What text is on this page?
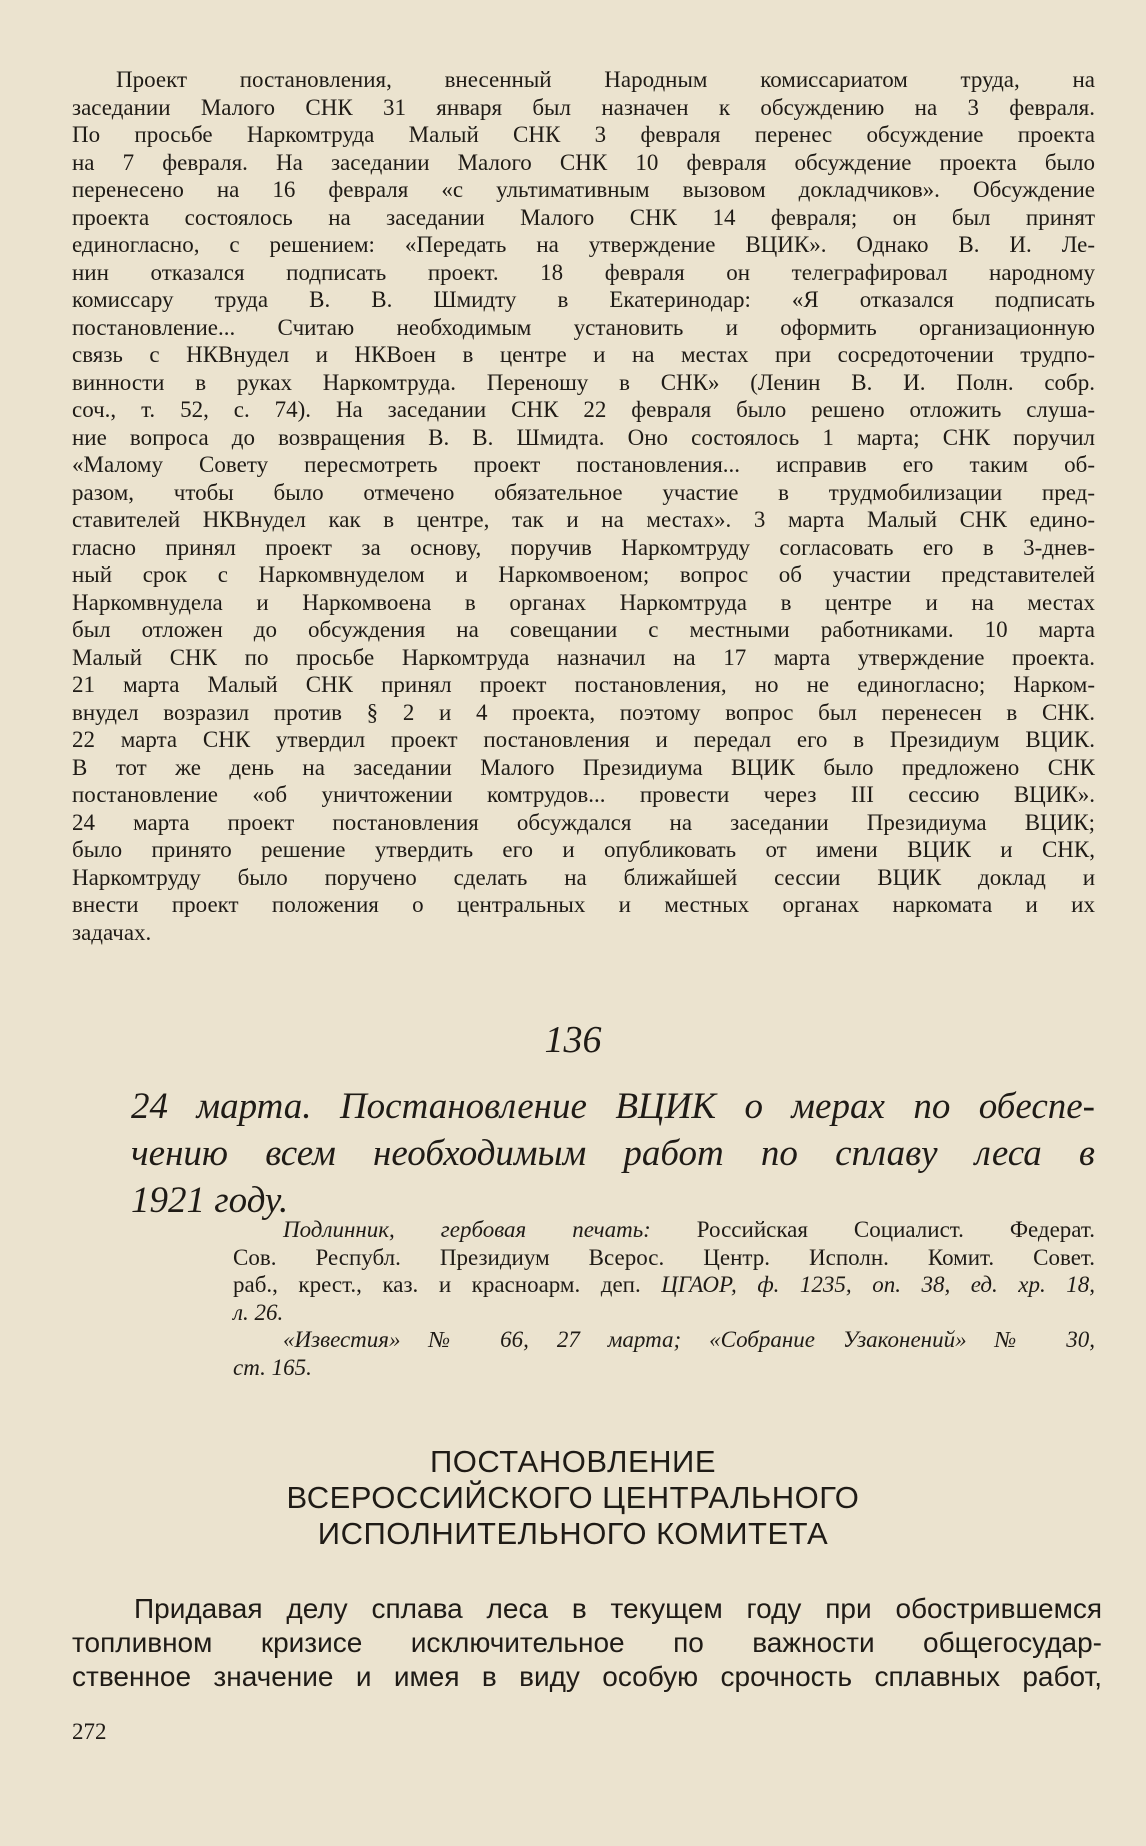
Проект постановления, внесенный Народным комиссариатом труда, на
заседании Малого СНК 31 января был назначен к обсуждению на 3 февраля.
По просьбе Наркомтруда Малый СНК 3 февраля перенес обсуждение проекта
на 7 февраля. На заседании Малого СНК 10 февраля обсуждение проекта было
перенесено на 16 февраля «с ультимативным вызовом докладчиков». Обсуждение
проекта состоялось на заседании Малого СНК 14 февраля; он был принят
единогласно, с решением: «Передать на утверждение ВЦИК». Однако В. И. Ле-
нин отказался подписать проект. 18 февраля он телеграфировал народному
комиссару труда В. В. Шмидту в Екатеринодар: «Я отказался подписать
постановление... Считаю необходимым установить и оформить организационную
связь с НКВнудел и НКВоен в центре и на местах при сосредоточении трудпо-
винности в руках Наркомтруда. Переношу в СНК» (Ленин В. И. Полн. собр.
соч., т. 52, с. 74). На заседании СНК 22 февраля было решено отложить слуша-
ние вопроса до возвращения В. В. Шмидта. Оно состоялось 1 марта; СНК поручил
«Малому Совету пересмотреть проект постановления... исправив его таким об-
разом, чтобы было отмечено обязательное участие в трудмобилизации пред-
ставителей НКВнудел как в центре, так и на местах». 3 марта Малый СНК едино-
гласно принял проект за основу, поручив Наркомтруду согласовать его в 3-днев-
ный срок с Наркомвнуделом и Наркомвоеном; вопрос об участии представителей
Наркомвнудела и Наркомвоена в органах Наркомтруда в центре и на местах
был отложен до обсуждения на совещании с местными работниками. 10 марта
Малый СНК по просьбе Наркомтруда назначил на 17 марта утверждение проекта.
21 марта Малый СНК принял проект постановления, но не единогласно; Нарком-
внудел возразил против § 2 и 4 проекта, поэтому вопрос был перенесен в СНК.
22 марта СНК утвердил проект постановления и передал его в Президиум ВЦИК.
В тот же день на заседании Малого Президиума ВЦИК было предложено СНК
постановление «об уничтожении комтрудов... провести через III сессию ВЦИК».
24 марта проект постановления обсуждался на заседании Президиума ВЦИК;
было принято решение утвердить его и опубликовать от имени ВЦИК и СНК,
Наркомтруду было поручено сделать на ближайшей сессии ВЦИК доклад и
внести проект положения о центральных и местных органах наркомата и их
задачах.
136
24 марта. Постановление ВЦИК о мерах по обеспе-
чению всем необходимым работ по сплаву леса в
1921 году.
Подлинник, гербовая печать: Российская Социалист. Федерат.
Сов. Республ. Президиум Всерос. Центр. Исполн. Комит. Совет.
раб., крест., каз. и красноарм. деп. ЦГАОР, ф. 1235, оп. 38, ед. хр. 18,
л. 26.
«Известия» № 66, 27 марта; «Собрание Узаконений» № 30,
ст. 165.
ПОСТАНОВЛЕНИЕ
ВСЕРОССИЙСКОГО ЦЕНТРАЛЬНОГО
ИСПОЛНИТЕЛЬНОГО КОМИТЕТА
Придавая делу сплава леса в текущем году при обострившемся
топливном кризисе исключительное по важности общегосудар-
ственное значение и имея в виду особую срочность сплавных работ,
272
